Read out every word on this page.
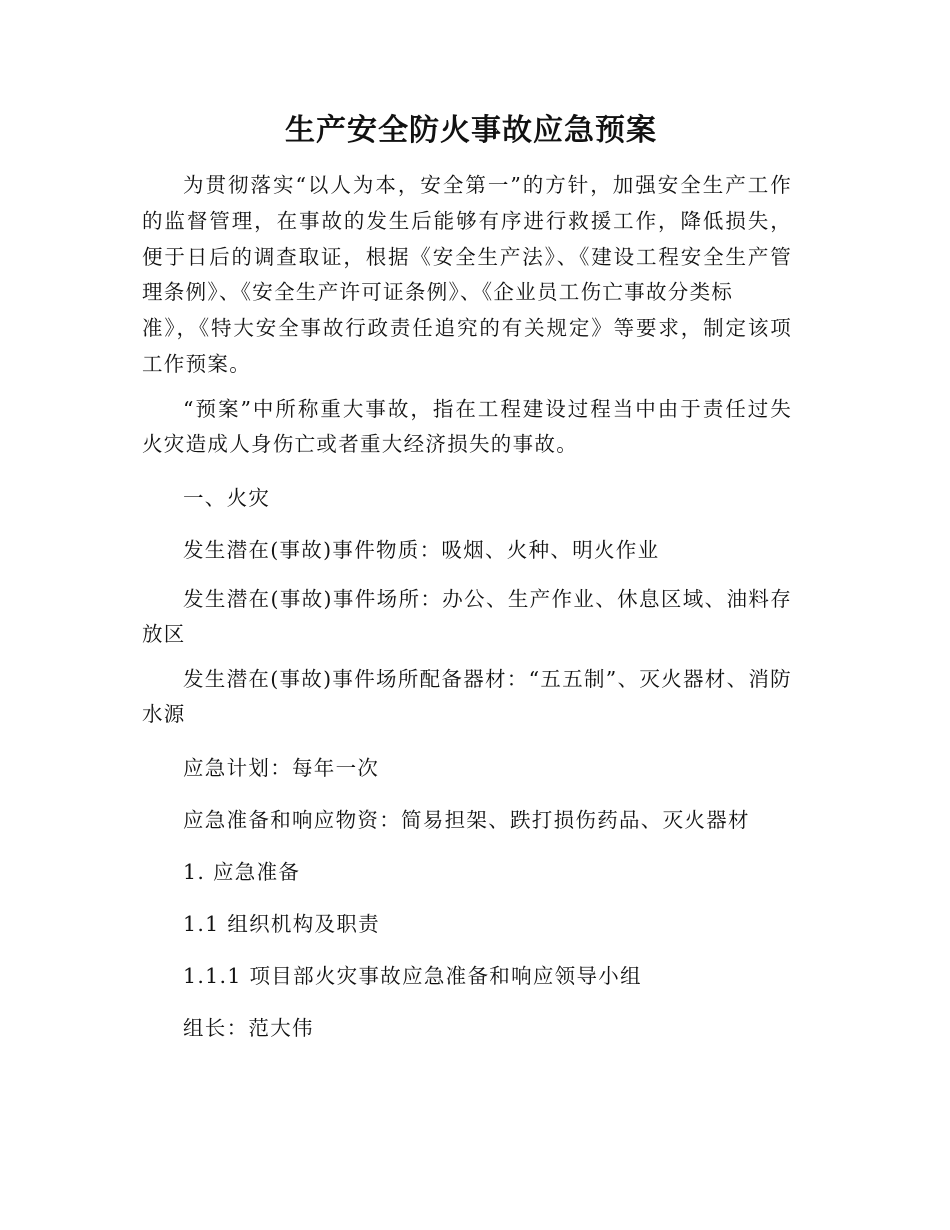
生产安全防火事故应急预案

为贯彻落实“以人为本，安全第一”的方针，加强安全生产工作的监督管理，在事故的发生后能够有序进行救援工作，降低损失，便于日后的调查取证，根据《安全生产法》、《建设工程安全生产管理条例》、《安全生产许可证条例》、《企业员工伤亡事故分类标
准》，《特大安全事故行政责任追究的有关规定》等要求，制定该项工作预案。

“预案”中所称重大事故，指在工程建设过程当中由于责任过失火灾造成人身伤亡或者重大经济损失的事故。

一、火灾

发生潜在(事故)事件物质：吸烟、火种、明火作业

发生潜在(事故)事件场所：办公、生产作业、休息区域、油料存放区

发生潜在(事故)事件场所配备器材：“五五制”、灭火器材、消防水源

应急计划：每年一次

应急准备和响应物资：简易担架、跌打损伤药品、灭火器材

1. 应急准备

1.1 组织机构及职责

1.1.1 项目部火灾事故应急准备和响应领导小组

组长：范大伟
